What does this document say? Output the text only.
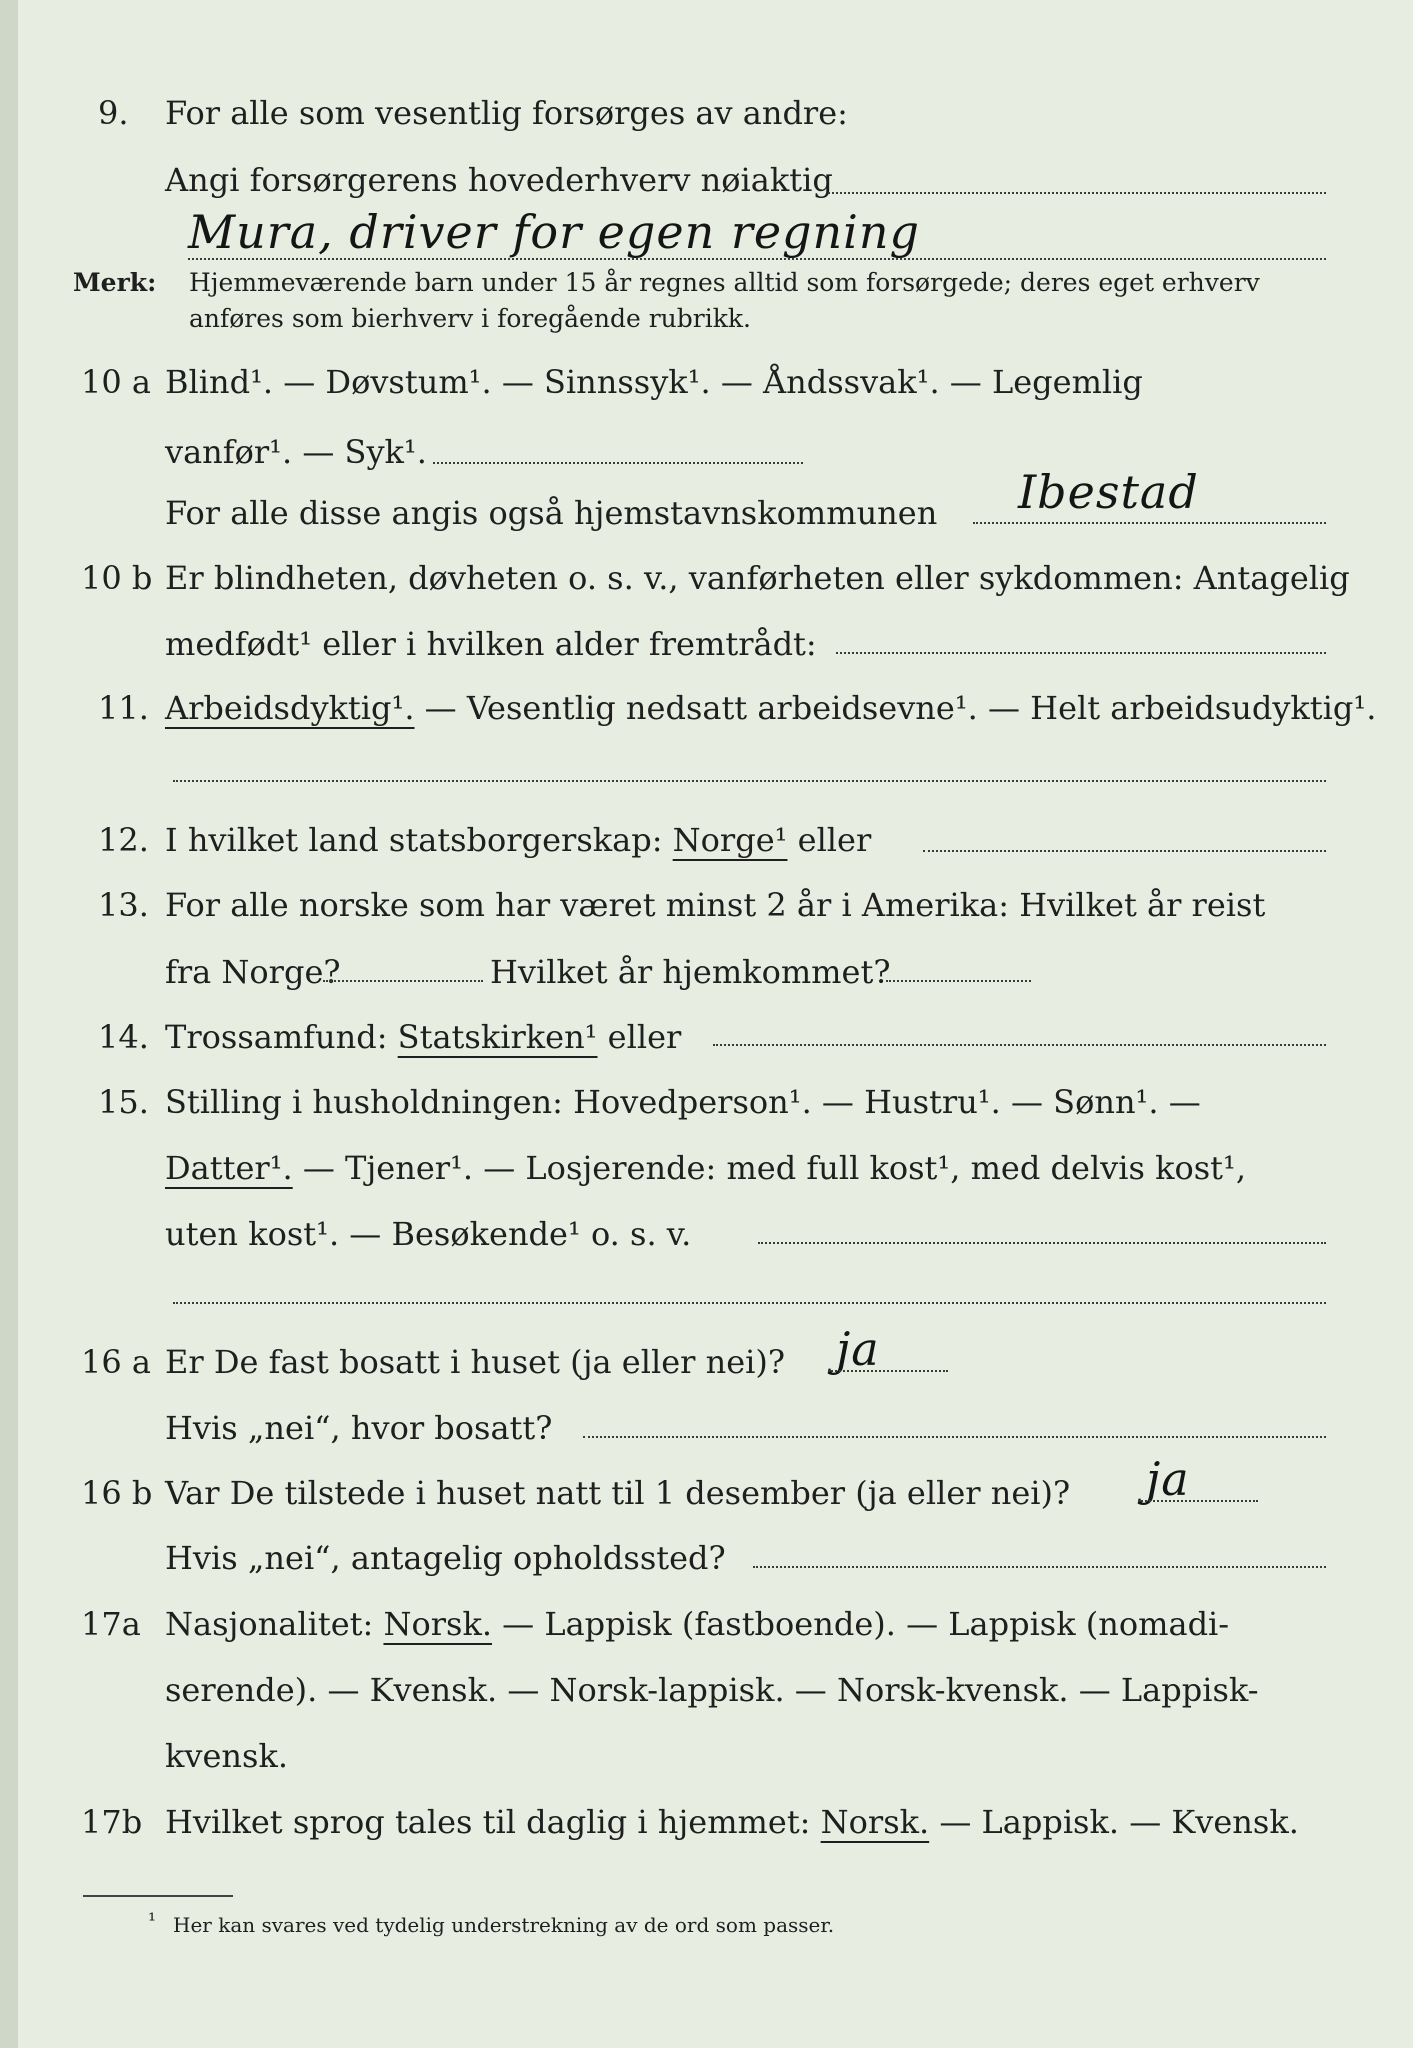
9. For alle som vesentlig forsørges av andre:
Angi forsørgerens hovederhverv nøiaktig
Mura, driver for egen regning
Merk: Hjemmeværende barn under 15 år regnes alltid som forsørgede; deres eget erhverv
anføres som bierhverv i foregående rubrikk.
10 a Blind¹. — Døvstum¹. — Sinnssyk¹. — Åndssvak¹. — Legemlig
vanfør¹. — Syk¹.
For alle disse angis også hjemstavnskommunen Ibestad
10 b Er blindheten, døvheten o. s. v., vanførheten eller sykdommen: Antagelig
medfødt¹ eller i hvilken alder fremtrådt:
11. Arbeidsdyktig¹. — Vesentlig nedsatt arbeidsevne¹. — Helt arbeidsudyktig¹.
12. I hvilket land statsborgerskap: Norge¹ eller
13. For alle norske som har været minst 2 år i Amerika: Hvilket år reist
fra Norge?	Hvilket år hjemkommet?
14. Trossamfund: Statskirken¹ eller
15. Stilling i husholdningen: Hovedperson¹. — Hustru¹. — Sønn¹. —
Datter¹. — Tjener¹. — Losjerende: med full kost¹, med delvis kost¹,
uten kost¹. — Besøkende¹ o. s. v.
16 a Er De fast bosatt i huset (ja eller nei)? ja
Hvis „nei“, hvor bosatt?
16 b Var De tilstede i huset natt til 1 desember (ja eller nei)? ja
Hvis „nei“, antagelig opholdssted?
17a Nasjonalitet: Norsk. — Lappisk (fastboende). — Lappisk (nomadi-
serende). — Kvensk. — Norsk-lappisk. — Norsk-kvensk. — Lappisk-
kvensk.
17b Hvilket sprog tales til daglig i hjemmet: Norsk. — Lappisk. — Kvensk.
¹ Her kan svares ved tydelig understrekning av de ord som passer.
